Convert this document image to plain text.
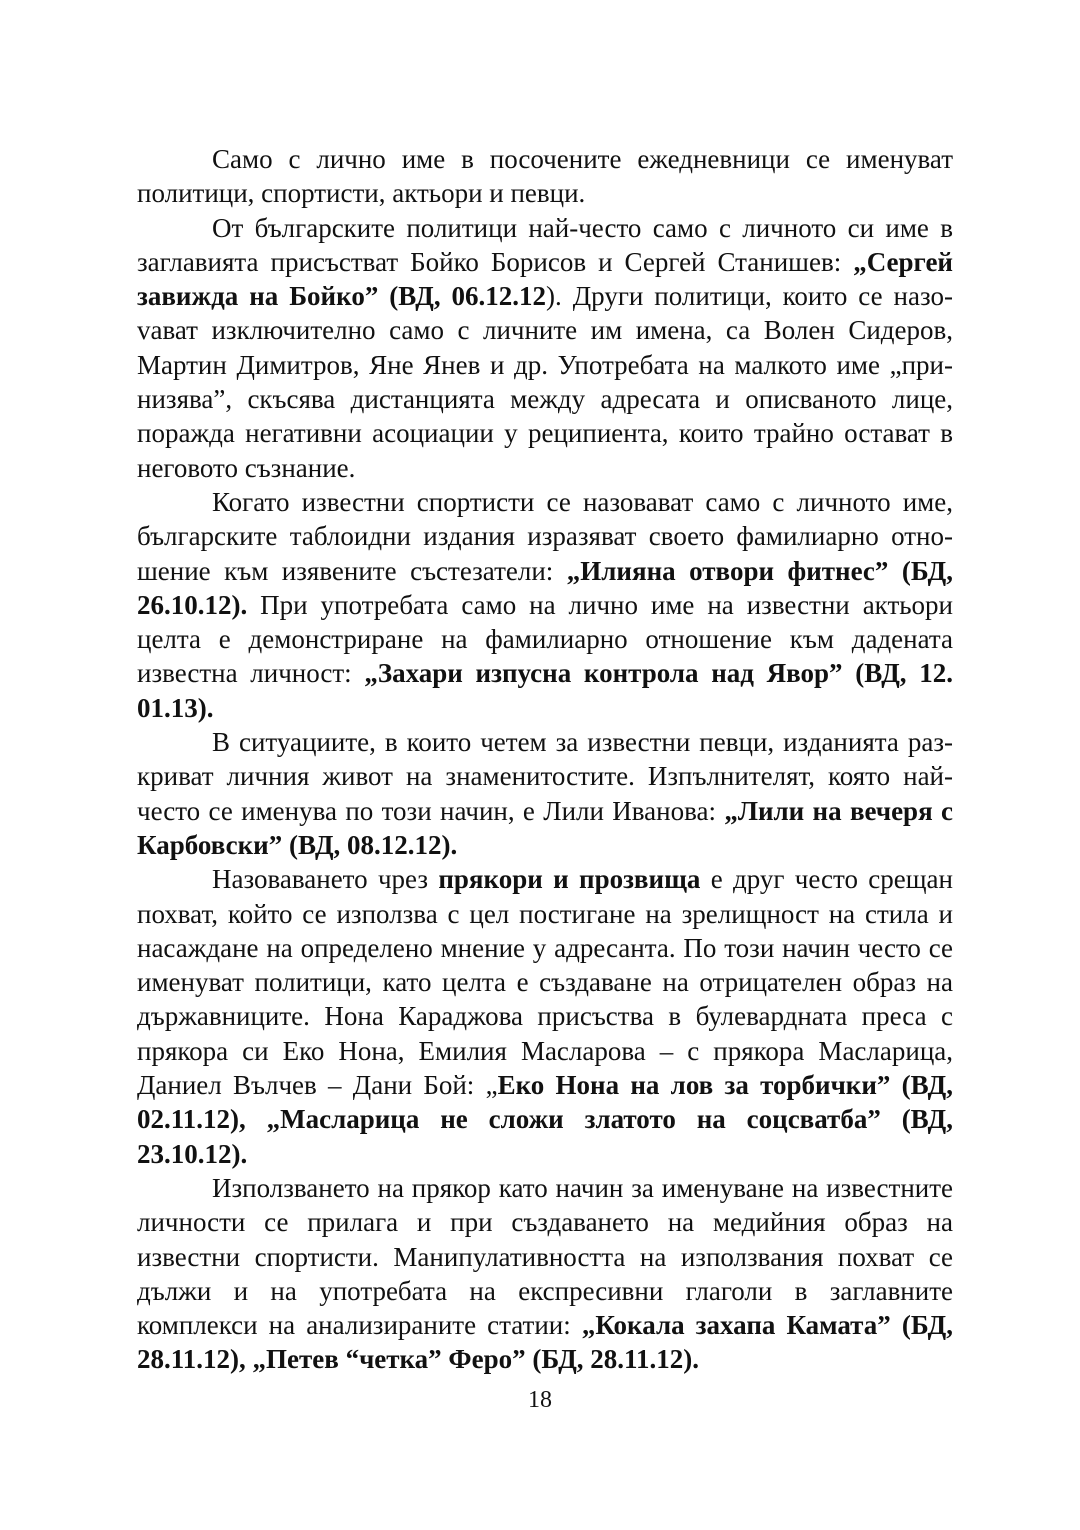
Само с лично име в посочените ежедневници се именуват политици, спортисти, актьори и певци.

От българските политици най-често само с личното си име в заглавията присъстват Бойко Борисов и Сергей Станишев: „Сергей завижда на Бойко” (ВД, 06.12.12). Други политици, които се назоvават изключително само с личните им имена, са Волен Сидеров, Мартин Димитров, Яне Янев и др. Употребата на малкото име „принизява”, скъсява дистанцията между адресата и описваното лице, поражда негативни асоциации у реципиента, които трайно остават в неговото съзнание.

Когато известни спортисти се назовават само с личното име, българските таблоидни издания изразяват своето фамилиарно отношение към изявените състезатели: „Илияна отвори фитнес” (БД, 26.10.12). При употребата само на лично име на известни актьори целта е демонстриране на фамилиарно отношение към дадената известна личност: „Захари изпусна контрола над Явор” (ВД, 12. 01.13).

В ситуациите, в които четем за известни певци, изданията разкриват личния живот на знаменитостите. Изпълнителят, която най-често се именува по този начин, е Лили Иванова: „Лили на вечеря с Карбовски” (ВД, 08.12.12).

Назоваването чрез прякори и прозвища е друг често срещан похват, който се използва с цел постигане на зрелищност на стила и насаждане на определено мнение у адресанта. По този начин често се именуват политици, като целта е създаване на отрицателен образ на държавниците. Нона Караджова присъства в булевардната преса с прякора си Еко Нона, Емилия Масларова – с прякора Масларица, Даниел Вълчев – Дани Бой: „Еко Нона на лов за торбички” (ВД, 02.11.12), „Масларица не сложи златото на соцсватба” (ВД, 23.10.12).

Използването на прякор като начин за именуване на известните личности се прилага и при създаването на медийния образ на известни спортисти. Манипулативността на използвания похват се дължи и на употребата на експресивни глаголи в заглавните комплекси на анализираните статии: „Кокала захапа Камата” (БД, 28.11.12), „Петев “четка” Феро” (БД, 28.11.12).

18
